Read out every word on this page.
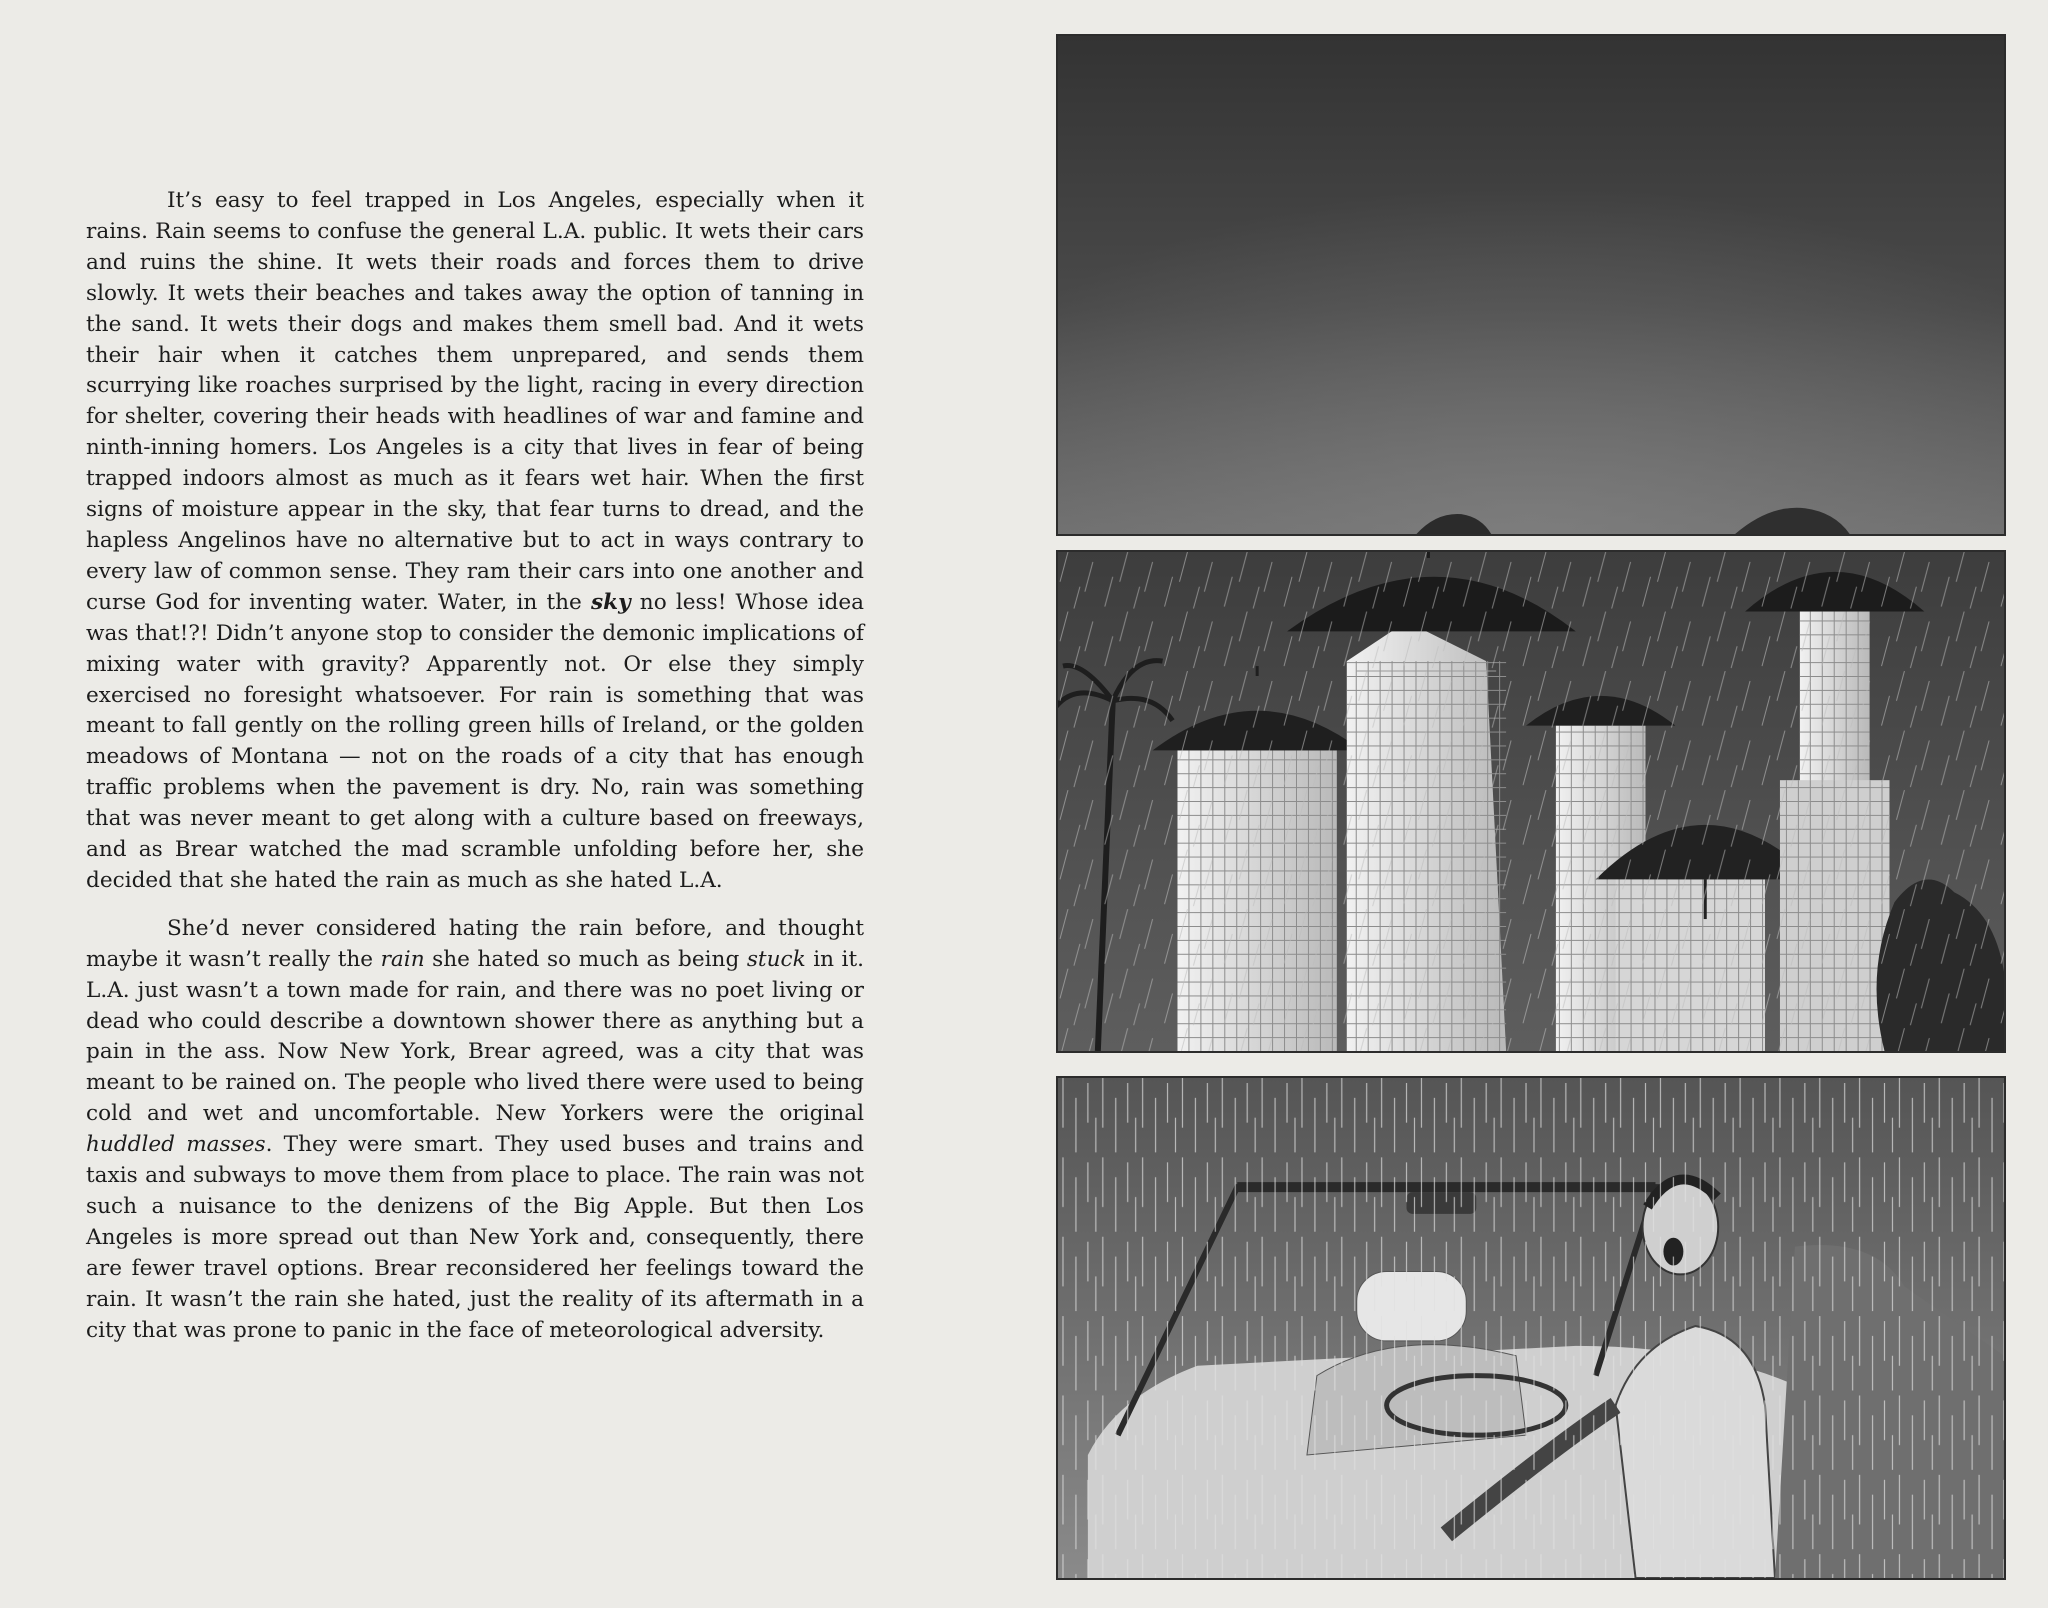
It’s easy to feel trapped in Los Angeles, especially when it rains. Rain seems to confuse the general L.A. public. It wets their cars and ruins the shine. It wets their roads and forces them to drive slowly. It wets their beaches and takes away the option of tanning in the sand. It wets their dogs and makes them smell bad. And it wets their hair when it catches them unprepared, and sends them scurrying like roaches surprised by the light, racing in every direction for shelter, covering their heads with headlines of war and famine and ninth-inning homers. Los Angeles is a city that lives in fear of being trapped indoors almost as much as it fears wet hair. When the first signs of moisture appear in the sky, that fear turns to dread, and the hapless Angelinos have no alternative but to act in ways contrary to every law of common sense. They ram their cars into one another and curse God for inventing water. Water, in the sky no less! Whose idea was that!?! Didn’t anyone stop to consider the demonic implications of mixing water with gravity? Apparently not. Or else they simply exercised no foresight whatsoever. For rain is something that was meant to fall gently on the rolling green hills of Ireland, or the golden meadows of Montana — not on the roads of a city that has enough traffic problems when the pavement is dry. No, rain was something that was never meant to get along with a culture based on freeways, and as Brear watched the mad scramble unfolding before her, she decided that she hated the rain as much as she hated L.A.

She’d never considered hating the rain before, and thought maybe it wasn’t really the rain she hated so much as being stuck in it. L.A. just wasn’t a town made for rain, and there was no poet living or dead who could describe a downtown shower there as anything but a pain in the ass. Now New York, Brear agreed, was a city that was meant to be rained on. The people who lived there were used to being cold and wet and uncomfortable. New Yorkers were the original huddled masses. They were smart. They used buses and trains and taxis and subways to move them from place to place. The rain was not such a nuisance to the denizens of the Big Apple. But then Los Angeles is more spread out than New York and, consequently, there are fewer travel options. Brear reconsidered her feelings toward the rain. It wasn’t the rain she hated, just the reality of its aftermath in a city that was prone to panic in the face of meteorological adversity.
